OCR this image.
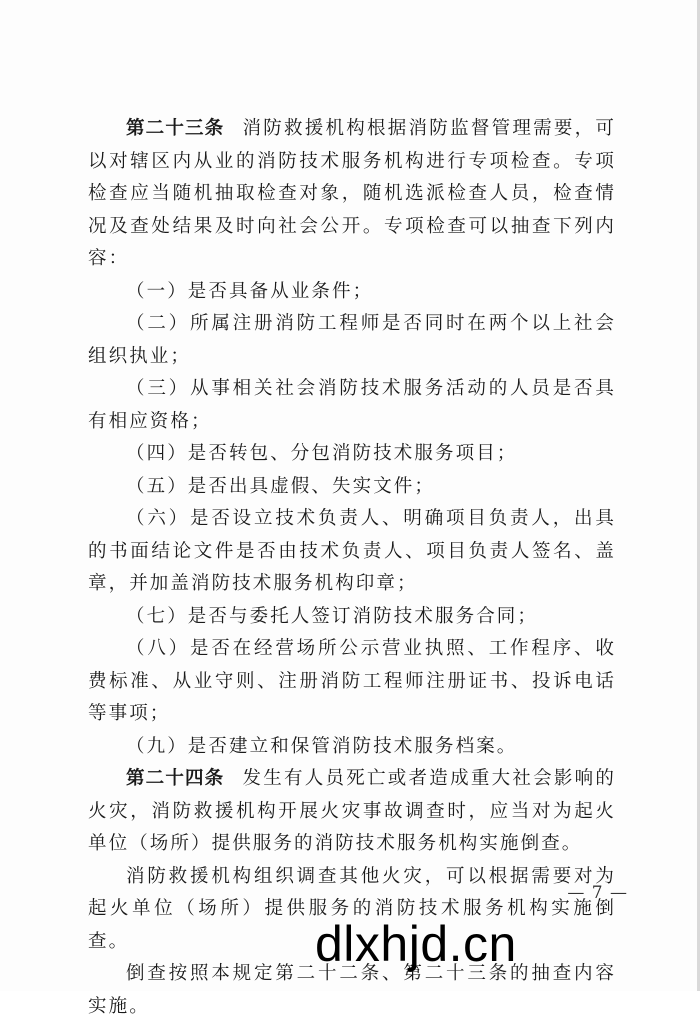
第二十三条 消防救援机构根据消防监督管理需要，可以对辖区内从业的消防技术服务机构进行专项检查。专项检查应当随机抽取检查对象，随机选派检查人员，检查情况及查处结果及时向社会公开。专项检查可以抽查下列内容：

（一）是否具备从业条件；

（二）所属注册消防工程师是否同时在两个以上社会组织执业；

（三）从事相关社会消防技术服务活动的人员是否具有相应资格；

（四）是否转包、分包消防技术服务项目；

（五）是否出具虚假、失实文件；

（六）是否设立技术负责人、明确项目负责人，出具的书面结论文件是否由技术负责人、项目负责人签名、盖章，并加盖消防技术服务机构印章；

（七）是否与委托人签订消防技术服务合同；

（八）是否在经营场所公示营业执照、工作程序、收费标准、从业守则、注册消防工程师注册证书、投诉电话等事项；

（九）是否建立和保管消防技术服务档案。

第二十四条 发生有人员死亡或者造成重大社会影响的火灾，消防救援机构开展火灾事故调查时，应当对为起火单位（场所）提供服务的消防技术服务机构实施倒查。

消防救援机构组织调查其他火灾，可以根据需要对为起火单位（场所）提供服务的消防技术服务机构实施倒查。

倒查按照本规定第二十二条、第二十三条的抽查内容实施。

— 7 —
dlxhjd.cn
